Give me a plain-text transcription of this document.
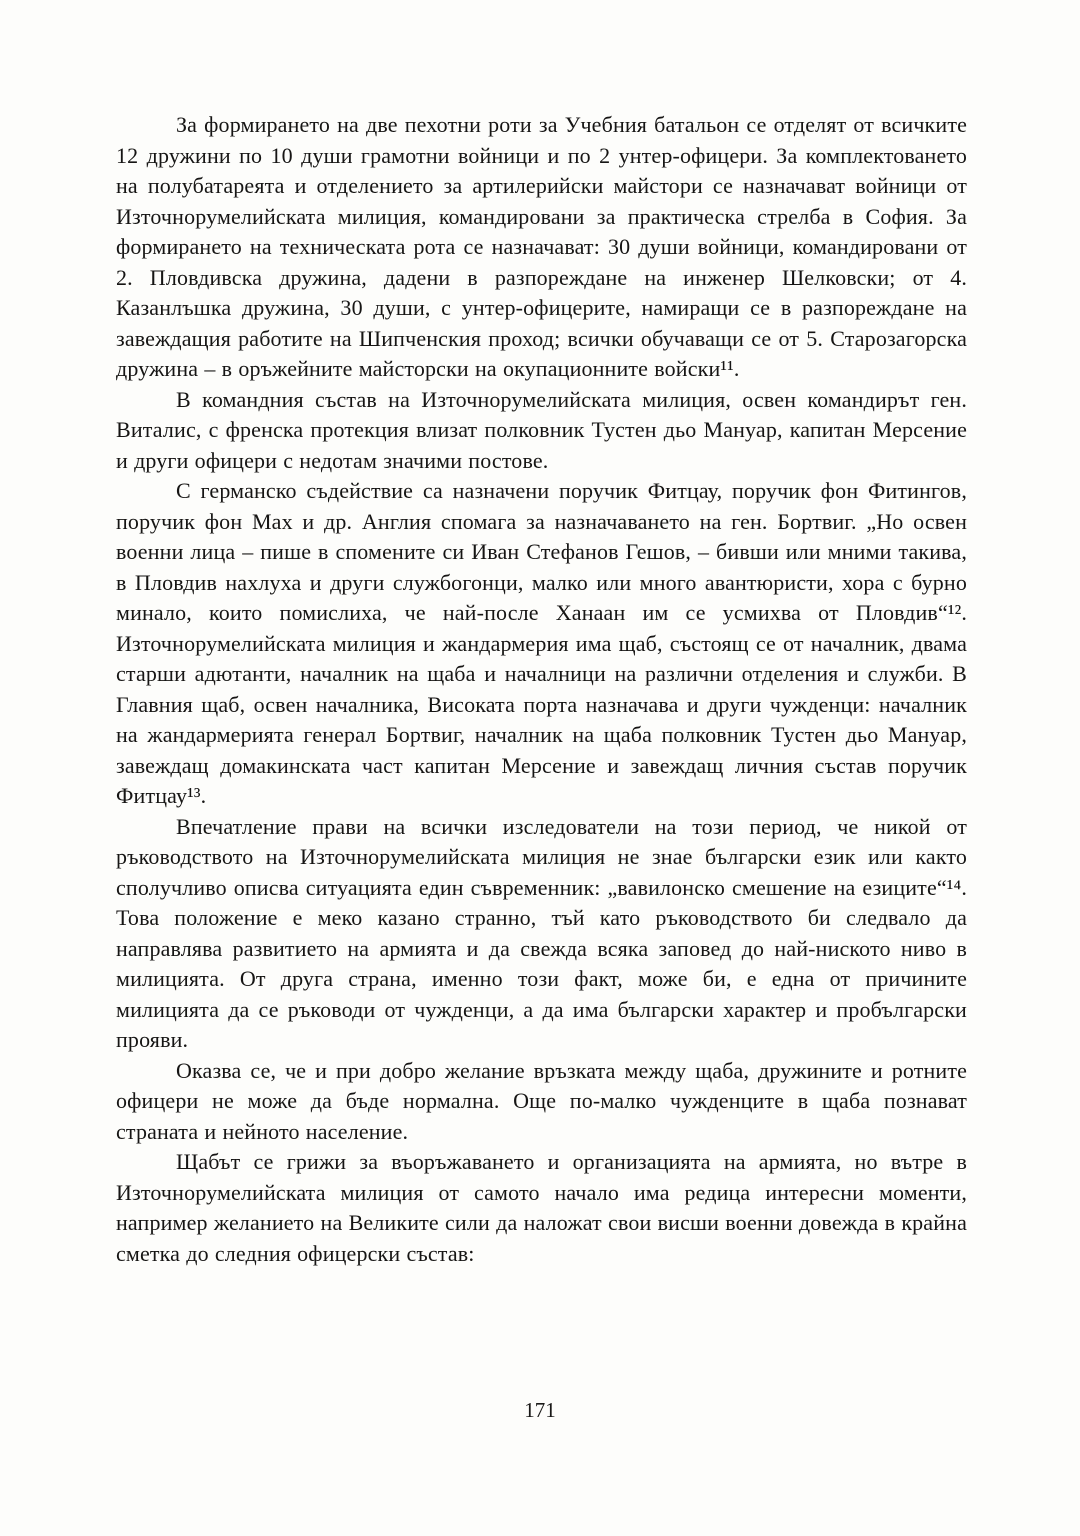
За формирането на две пехотни роти за Учебния батальон се отделят от всичките 12 дружини по 10 души грамотни войници и по 2 унтер-офицери. За комплектоването на полубатареята и отделението за артилерийски майстори се назначават войници от Източнорумелийската милиция, командировани за практическа стрелба в София. За формирането на техническата рота се назначават: 30 души войници, командировани от 2. Пловдивска дружина, дадени в разпореждане на инженер Шелковски; от 4. Казанлъшка дружина, 30 души, с унтер-офицерите, намиращи се в разпореждане на завеждащия работите на Шипченския проход; всички обучаващи се от 5. Старозагорска дружина – в оръжейните майсторски на окупационните войски¹¹.

В командния състав на Източнорумелийската милиция, освен командирът ген. Виталис, с френска протекция влизат полковник Тустен дьо Мануар, капитан Мерсение и други офицери с недотам значими постове.

С германско съдействие са назначени поручик Фитцау, поручик фон Фитингов, поручик фон Мах и др. Англия спомага за назначаването на ген. Бортвиг. „Но освен военни лица – пише в спомените си Иван Стефанов Гешов, – бивши или мними такива, в Пловдив нахлуха и други службогонци, малко или много авантюристи, хора с бурно минало, които помислиха, че най-после Ханаан им се усмихва от Пловдив“¹². Източнорумелийската милиция и жандармерия има щаб, състоящ се от началник, двама старши адютанти, началник на щаба и началници на различни отделения и служби. В Главния щаб, освен началника, Високата порта назначава и други чужденци: началник на жандармерията генерал Бортвиг, началник на щаба полковник Тустен дьо Мануар, завеждащ домакинската част капитан Мерсение и завеждащ личния състав поручик Фитцау¹³.

Впечатление прави на всички изследователи на този период, че никой от ръководството на Източнорумелийската милиция не знае български език или както сполучливо описва ситуацията един съвременник: „вавилонско смешение на езиците“¹⁴. Това положение е меко казано странно, тъй като ръководството би следвало да направлява развитието на армията и да свежда всяка заповед до най-ниското ниво в милицията. От друга страна, именно този факт, може би, е една от причините милицията да се ръководи от чужденци, а да има български характер и пробългарски прояви.

Оказва се, че и при добро желание връзката между щаба, дружините и ротните офицери не може да бъде нормална. Още по-малко чужденците в щаба познават страната и нейното население.

Щабът се грижи за въоръжаването и организацията на армията, но вътре в Източнорумелийската милиция от самото начало има редица интересни моменти, например желанието на Великите сили да наложат свои висши военни довежда в крайна сметка до следния офицерски състав:

171
